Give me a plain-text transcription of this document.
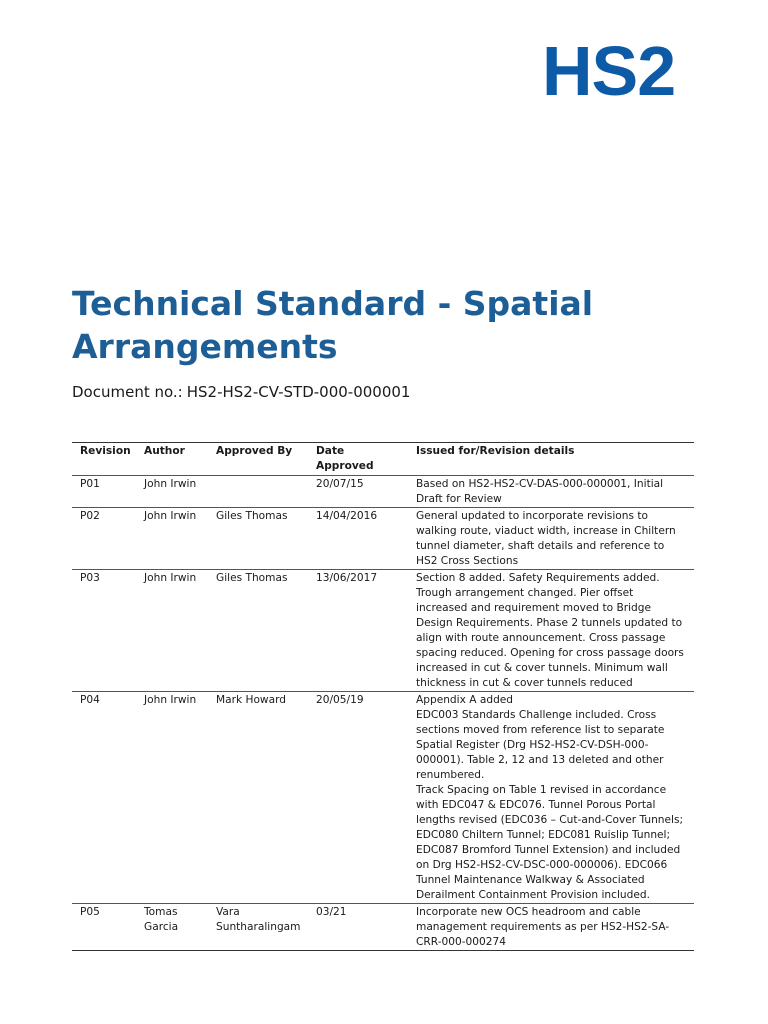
HS2
Technical Standard - Spatial Arrangements
Document no.: HS2-HS2-CV-STD-000-000001
Revision	Author	Approved By	Date Approved	Issued for/Revision details
P01	John Irwin		20/07/15	Based on HS2-HS2-CV-DAS-000-000001, Initial Draft for Review

P02	John Irwin	Giles Thomas	14/04/2016	General updated to incorporate revisions to walking route, viaduct width, increase in Chiltern tunnel diameter, shaft details and reference to HS2 Cross Sections

P03	John Irwin	Giles Thomas	13/06/2017	Section 8 added. Safety Requirements added. Trough arrangement changed. Pier offset increased and requirement moved to Bridge Design Requirements. Phase 2 tunnels updated to align with route announcement. Cross passage spacing reduced. Opening for cross passage doors increased in cut & cover tunnels. Minimum wall thickness in cut & cover tunnels reduced

P04	John Irwin	Mark Howard	20/05/19	Appendix A added
EDC003 Standards Challenge included. Cross sections moved from reference list to separate Spatial Register (Drg HS2-HS2-CV-DSH-000-000001). Table 2, 12 and 13 deleted and other renumbered.
Track Spacing on Table 1 revised in accordance with EDC047 & EDC076. Tunnel Porous Portal lengths revised (EDC036 – Cut-and-Cover Tunnels; EDC080 Chiltern Tunnel; EDC081 Ruislip Tunnel; EDC087 Bromford Tunnel Extension) and included on Drg HS2-HS2-CV-DSC-000-000006). EDC066 Tunnel Maintenance Walkway & Associated Derailment Containment Provision included.

P05	Tomas Garcia	Vara Suntharalingam	03/21	Incorporate new OCS headroom and cable management requirements as per HS2-HS2-SA-CRR-000-000274
